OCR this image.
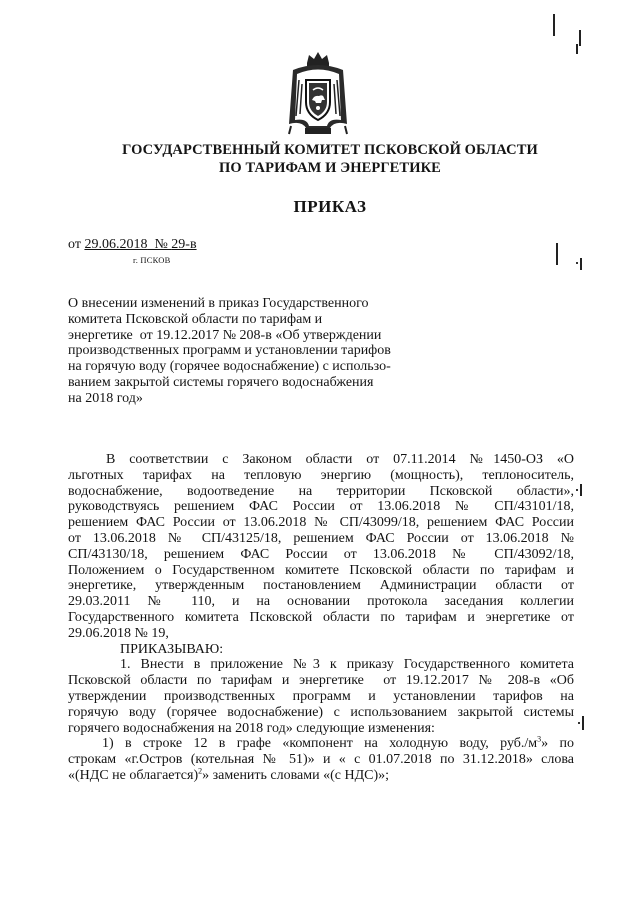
ГОСУДАРСТВЕННЫЙ КОМИТЕТ ПСКОВСКОЙ ОБЛАСТИ
ПО ТАРИФАМ И ЭНЕРГЕТИКЕ
ПРИКАЗ
от 29.06.2018  № 29-в
г. ПСКОВ
О внесении изменений в приказ Государственного
комитета Псковской области по тарифам и
энергетике  от 19.12.2017 № 208-в «Об утверждении
производственных программ и установлении тарифов
на горячую воду (горячее водоснабжение) с использо-
ванием закрытой системы горячего водоснабжения
на 2018 год»
В соответствии с Законом области от 07.11.2014 №1450-ОЗ «О
льготных тарифах на тепловую энергию (мощность), теплоноситель,
водоснабжение, водоотведение на территории Псковской области»,
руководствуясь решением ФАС России от 13.06.2018 № СП/43101/18,
решением ФАС России от 13.06.2018 № СП/43099/18, решением ФАС России
от 13.06.2018 № СП/43125/18, решением ФАС России от 13.06.2018 №
СП/43130/18, решением ФАС России от 13.06.2018 № СП/43092/18,
Положением о Государственном комитете Псковской области по тарифам и
энергетике, утвержденным постановлением Администрации области от
29.03.2011 № 110, и на основании протокола заседания коллегии
Государственного комитета Псковской области по тарифам и энергетике от
29.06.2018 № 19,
ПРИКАЗЫВАЮ:
1. Внести в приложение №3 к приказу Государственного комитета
Псковской области по тарифам и энергетике  от 19.12.2017 № 208-в «Об
утверждении производственных программ и установлении тарифов на
горячую воду (горячее водоснабжение) с использованием закрытой системы
горячего водоснабжения на 2018 год» следующие изменения:
1) в строке 12 в графе «компонент на холодную воду, $руб./м^3$» по
строкам «г.Остров (котельная № 51)» и « с 01.07.2018 по 31.12.2018» слова
«(НДС не облагается)$^2$» заменить словами «(с НДС)»;
